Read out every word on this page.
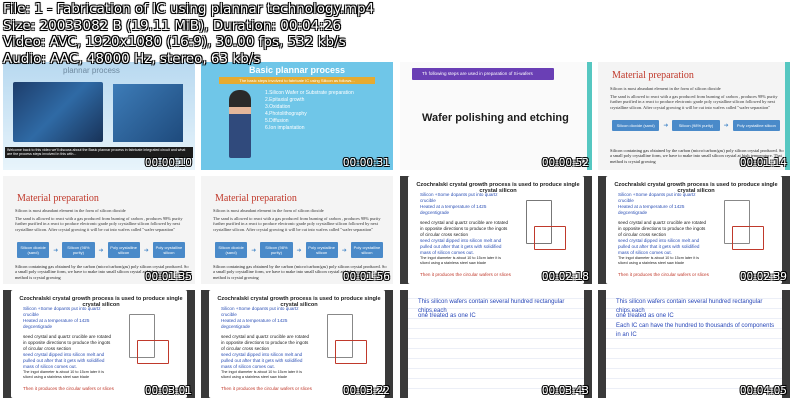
plannar process
Welcome back to this video we'll discuss about the Basic plannar process in fabricate integrated circuit and what are the process steps involved in this with...
00:00:10
Basic plannar process
The basic steps involved to fabricate IC using Silicon as follows...
1.Silicon Wafer or Substrate preparation
2.Epitaxial growth
3.Oxidation
4.Photolithography
5.Diffusion
6.Ion implantation
00:00:31
Th following steps are used in preparation of Si-wafers
Wafer polishing and etching
00:00:52
Material preparation
Silicon is most abundant element in the form of silicon dioxide
The sand is allowed to react with a gas produced from burning of carbon , produces 98% purity further purified in a react to produce electronic grade poly crystalline silicon followed by next crystalline silicon. After crystal growing it will be cut into wafers called "wafer separation"
Silicon dioxide (sand)	➜	Silicon (98% purity)	➜	Poly crystalline silicon
Silicon containing gas obtained by the carbon (micro/carbon/gas) poly silicon crystal produced. So a small poly crystalline form, we have to make into small silicon crystal at high temperature. That method is crystal growing	00:01:14
Material preparation
Silicon is most abundant element in the form of silicon dioxide
The sand is allowed to react with a gas produced from burning of carbon , produces 98% purity further purified in a react to produce electronic grade poly crystalline silicon followed by next crystalline silicon. After crystal growing it will be cut into wafers called "wafer separation"
Silicon dioxide (sand)	➜	Silicon (98% purity)	➜	Poly crystalline silicon	➜	Poly crystalline silicon
Silicon containing gas obtained by the carbon (micro/carbon/gas) poly silicon crystal produced. So a small poly crystalline form, we have to make into small silicon crystal at high temperature. That method is crystal growing	00:01:35
Material preparation
Silicon is most abundant element in the form of silicon dioxide
The sand is allowed to react with a gas produced from burning of carbon , produces 98% purity further purified in a react to produce electronic grade poly crystalline silicon followed by next crystalline silicon. After crystal growing it will be cut into wafers called "wafer separation"
Silicon dioxide (sand)	➜	Silicon (98% purity)	➜	Poly crystalline silicon	➜	Poly crystalline silicon
Silicon containing gas obtained by the carbon (micro/carbon/gas) poly silicon crystal produced. So a small poly crystalline form, we have to make into small silicon crystal at high temperature. That method is crystal growing	00:01:56
Czochralski crystal growth process is used to produce single crystal silicon
Silicon +Some dopants put into quartz crucible
Heated at a temperature of 1425 degcentigrade
seed crystal and quartz crucible are rotated in opposite directions to produce the ingots of circular cross section
seed crystal dipped into silicon melt and pulled out after that it gets with solidified mass of silicon comes out.
The ingot diameter is about 10 to 15cm later it is sliced using a stainless steel saw blade
Then it produces the circular wafers or slices	00:02:18
Czochralski crystal growth process is used to produce single crystal silicon
Silicon +Some dopants put into quartz crucible
Heated at a temperature of 1425 degcentigrade
seed crystal and quartz crucible are rotated in opposite directions to produce the ingots of circular cross section
seed crystal dipped into silicon melt and pulled out after that it gets with solidified mass of silicon comes out.
The ingot diameter is about 10 to 15cm later it is sliced using a stainless steel saw blade
Then it produces the circular wafers or slices	00:02:39
Czochralski crystal growth process is used to produce single crystal silicon
Silicon +Some dopants put into quartz crucible
Heated at a temperature of 1425 degcentigrade
seed crystal and quartz crucible are rotated in opposite directions to produce the ingots of circular cross section
seed crystal dipped into silicon melt and pulled out after that it gets with solidified mass of silicon comes out.
The ingot diameter is about 10 to 15cm later it is sliced using a stainless steel saw blade
Then it produces the circular wafers or slices	00:03:01
Czochralski crystal growth process is used to produce single crystal silicon
Silicon +Some dopants put into quartz crucible
Heated at a temperature of 1425 degcentigrade
seed crystal and quartz crucible are rotated in opposite directions to produce the ingots of circular cross section
seed crystal dipped into silicon melt and pulled out after that it gets with solidified mass of silicon comes out.
The ingot diameter is about 10 to 15cm later it is sliced using a stainless steel saw blade
Then it produces the circular wafers or slices	00:03:22
This silicon wafers contain several hundred rectangular chips,each
one treated as one IC
00:03:43
This silicon wafers contain several hundred rectangular chips,each
one treated as one IC
Each IC can have the hundred to thousands of components in an IC
00:04:05
File: 1 - Fabrication of IC using plannar technology.mp4
Size: 20033082 B (19.11 MiB), Duration: 00:04:26
Video: AVC, 1920x1080 (16:9), 30.00 fps, 532 kb/s
Audio: AAC, 48000 Hz, stereo, 63 kb/s
